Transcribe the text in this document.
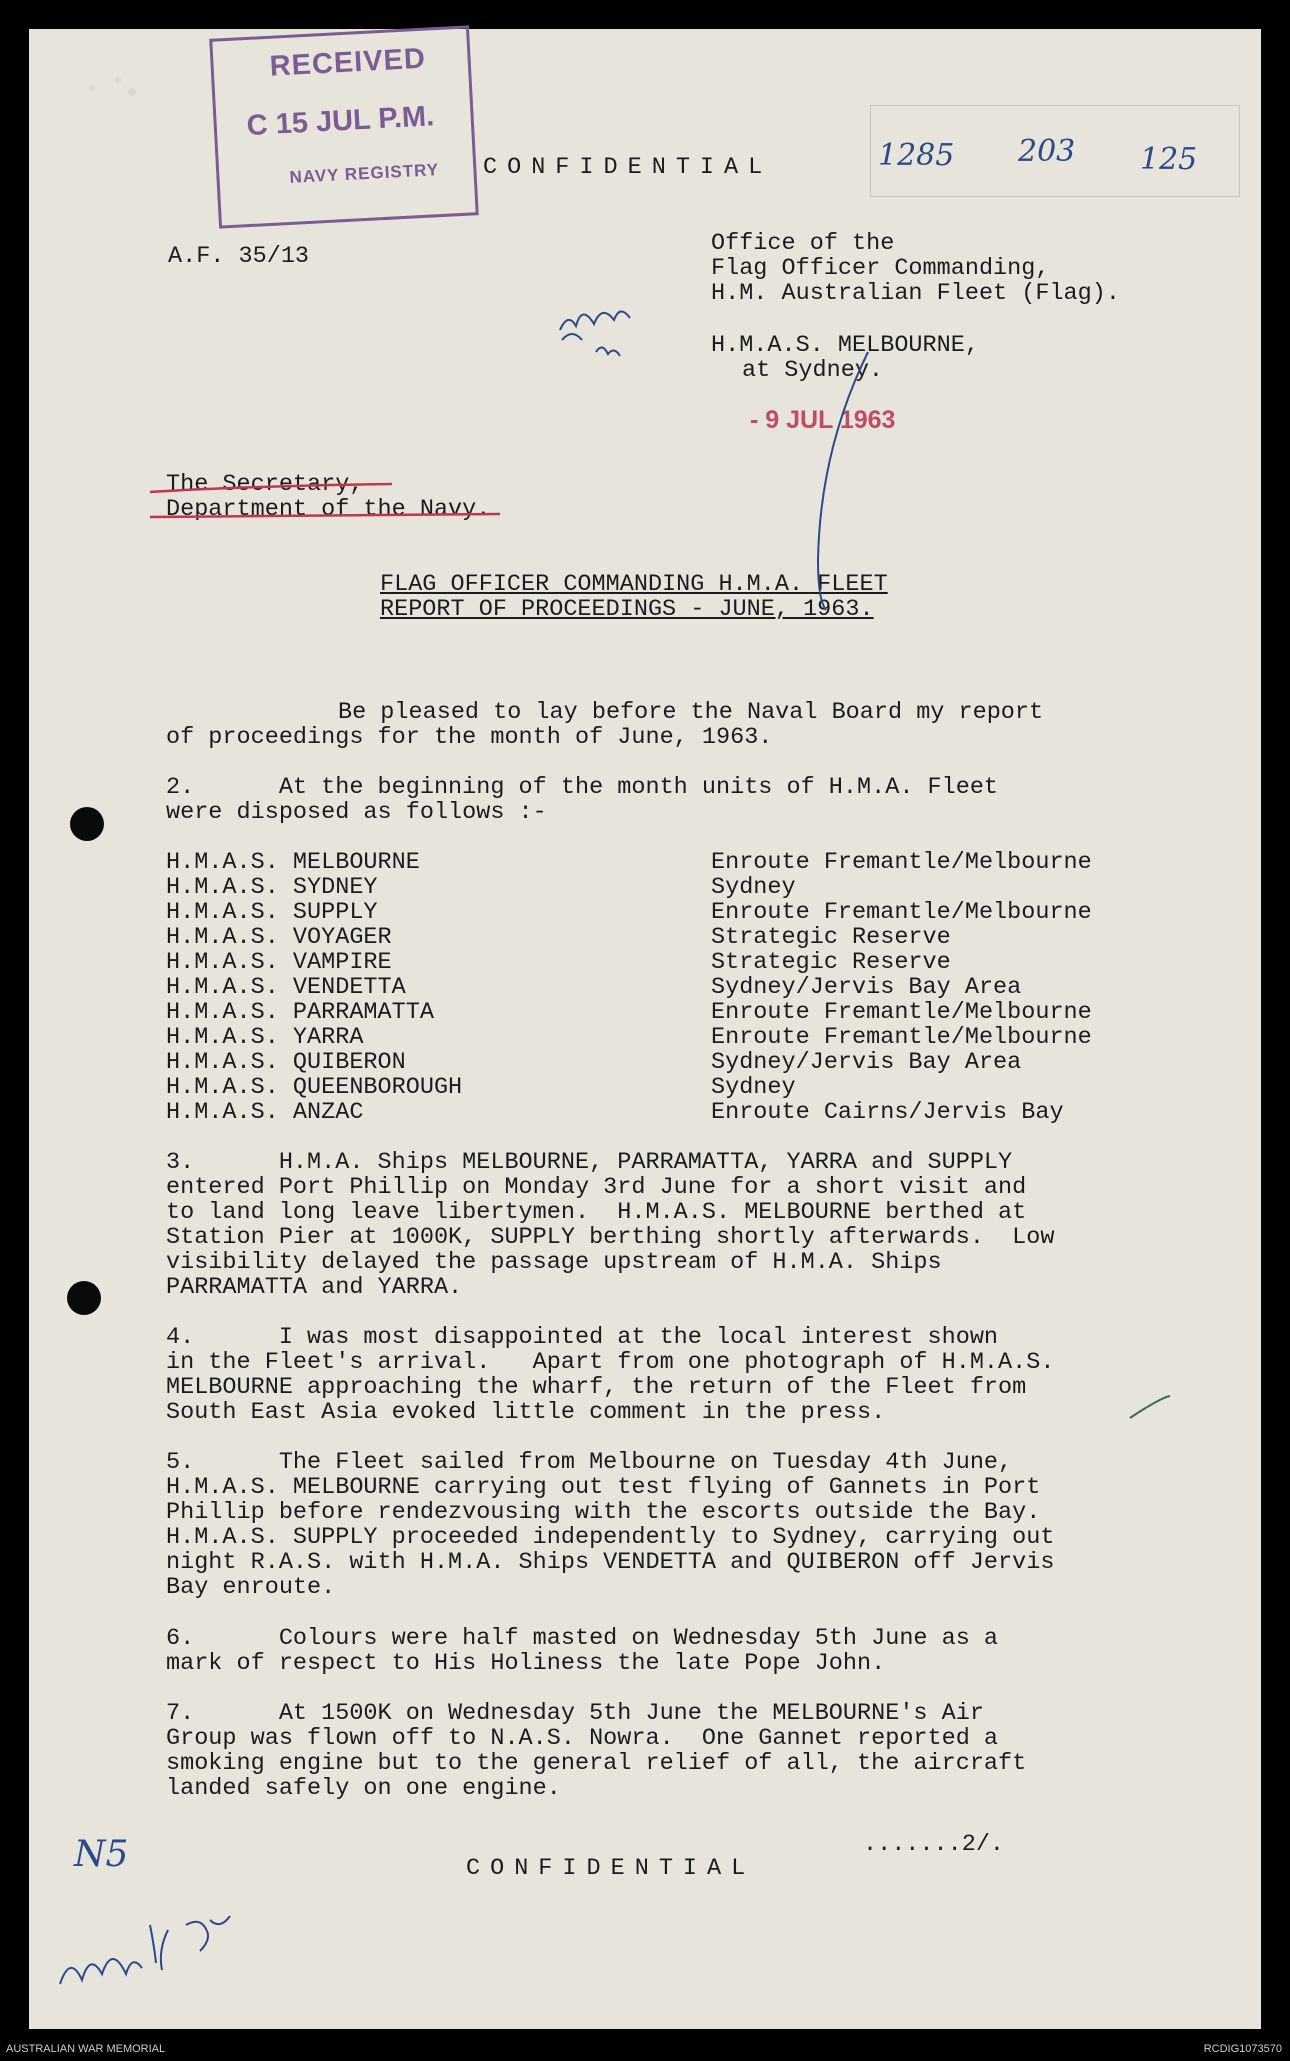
RECEIVED
C 15 JUL P.M.
NAVY REGISTRY CONFIDENTIAL	1285 203 125
A.F. 35/13	Office of the
Flag Officer Commanding,
H.M. Australian Fleet (Flag).
H.M.A.S. MELBOURNE,
at Sydney.
- 9 JUL 1963
The Secretary,
Department of the Navy.
FLAG OFFICER COMMANDING H.M.A. FLEET
REPORT OF PROCEEDINGS - JUNE, 1963.
Be pleased to lay before the Naval Board my report
of proceedings for the month of June, 1963.
2.      At the beginning of the month units of H.M.A. Fleet
were disposed as follows :-
H.M.A.S. MELBOURNE	Enroute Fremantle/Melbourne
H.M.A.S. SYDNEY	Sydney
H.M.A.S. SUPPLY	Enroute Fremantle/Melbourne
H.M.A.S. VOYAGER	Strategic Reserve
H.M.A.S. VAMPIRE	Strategic Reserve
H.M.A.S. VENDETTA	Sydney/Jervis Bay Area
H.M.A.S. PARRAMATTA	Enroute Fremantle/Melbourne
H.M.A.S. YARRA	Enroute Fremantle/Melbourne
H.M.A.S. QUIBERON	Sydney/Jervis Bay Area
H.M.A.S. QUEENBOROUGH	Sydney
H.M.A.S. ANZAC	Enroute Cairns/Jervis Bay
3.      H.M.A. Ships MELBOURNE, PARRAMATTA, YARRA and SUPPLY
entered Port Phillip on Monday 3rd June for a short visit and
to land long leave libertymen.  H.M.A.S. MELBOURNE berthed at
Station Pier at 1000K, SUPPLY berthing shortly afterwards.  Low
visibility delayed the passage upstream of H.M.A. Ships
PARRAMATTA and YARRA.
4.      I was most disappointed at the local interest shown
in the Fleet's arrival.   Apart from one photograph of H.M.A.S.
MELBOURNE approaching the wharf, the return of the Fleet from
South East Asia evoked little comment in the press.
5.      The Fleet sailed from Melbourne on Tuesday 4th June,
H.M.A.S. MELBOURNE carrying out test flying of Gannets in Port
Phillip before rendezvousing with the escorts outside the Bay.
H.M.A.S. SUPPLY proceeded independently to Sydney, carrying out
night R.A.S. with H.M.A. Ships VENDETTA and QUIBERON off Jervis
Bay enroute.
6.      Colours were half masted on Wednesday 5th June as a
mark of respect to His Holiness the late Pope John.
7.      At 1500K on Wednesday 5th June the MELBOURNE's Air
Group was flown off to N.A.S. Nowra.  One Gannet reported a
smoking engine but to the general relief of all, the aircraft
landed safely on one engine.
.......2/.
CONFIDENTIAL
N5
AUSTRALIAN WAR MEMORIAL	RCDIG1073570
